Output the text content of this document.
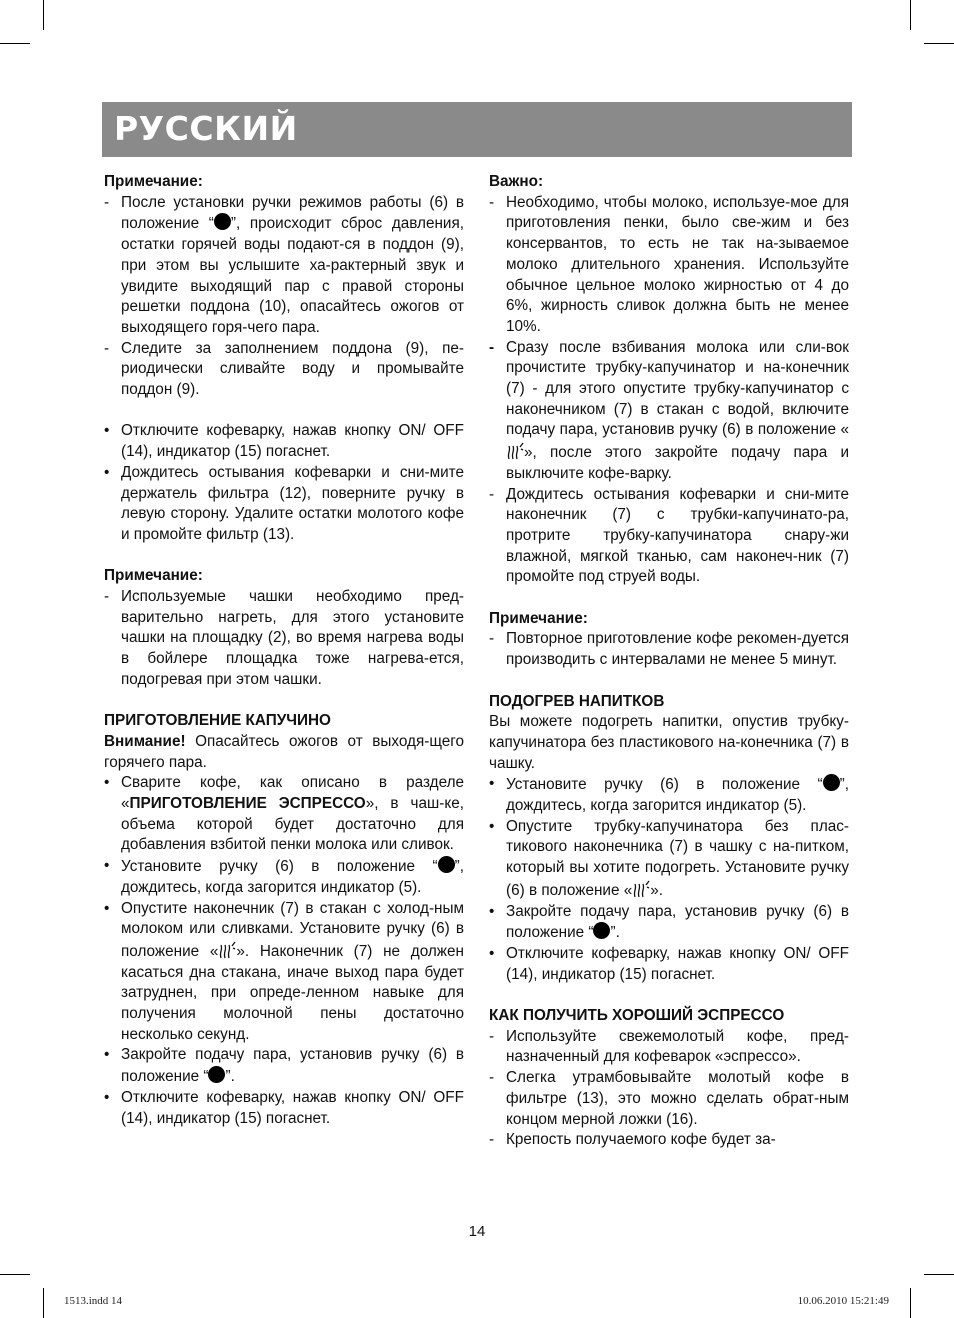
РУССКИЙ

Примечание:

- После установки ручки режимов работы (6) в положение “ ”, происходит сброс давления, остатки горячей воды подают-ся в поддон (9), при этом вы услышите ха-рактерный звук и увидите выходящий пар с правой стороны решетки поддона (10), опасайтесь ожогов от выходящего горя-чего пара.

- Следите за заполнением поддона (9), пе-риодически сливайте воду и промывайте поддон (9).

• Отключите кофеварку, нажав кнопку ON/ OFF (14), индикатор (15) погаснет.

• Дождитесь остывания кофеварки и сни-мите держатель фильтра (12), поверните ручку в левую сторону. Удалите остатки молотого кофе и промойте фильтр (13).

Примечание:

- Используемые чашки необходимо пред-варительно нагреть, для этого установите чашки на площадку (2), во время нагрева воды в бойлере площадка тоже нагрева-ется, подогревая при этом чашки.

ПРИГОТОВЛЕНИЕ КАПУЧИНО

Внимание! Опасайтесь ожогов от выходя-щего горячего пара.

• Сварите кофе, как описано в разделе «ПРИГОТОВЛЕНИЕ ЭСПРЕССО», в чаш-ке, объема которой будет достаточно для добавления взбитой пенки молока или сливок.

• Установите ручку (6) в положение “ ”, дождитесь, когда загорится индикатор (5).

• Опустите наконечник (7) в стакан с холод-ным молоком или сливками. Установите ручку (6) в положение « ». Наконечник (7) не должен касаться дна стакана, иначе выход пара будет затруднен, при опреде-ленном навыке для получения молочной пены достаточно несколько секунд.

• Закройте подачу пара, установив ручку (6) в положение “ ”.

• Отключите кофеварку, нажав кнопку ON/ OFF (14), индикатор (15) погаснет.

Важно:

- Необходимо, чтобы молоко, используе-мое для приготовления пенки, было све-жим и без консервантов, то есть не так на-зываемое молоко длительного хранения. Используйте обычное цельное молоко жирностью от 4 до 6%, жирность сливок должна быть не менее 10%.

- Сразу после взбивания молока или сли-вок прочистите трубку-капучинатор и на-конечник (7) - для этого опустите трубку-капучинатор с наконечником (7) в стакан с водой, включите подачу пара, установив ручку (6) в положение «», после этого закройте подачу пара и выключите кофе-варку.

- Дождитесь остывания кофеварки и сни-мите наконечник (7) с трубки-капучинато-ра, протрите трубку-капучинатора снару-жи влажной, мягкой тканью, сам наконеч-ник (7) промойте под струей воды.

Примечание:

- Повторное приготовление кофе рекомен-дуется производить с интервалами не менее 5 минут.

ПОДОГРЕВ НАПИТКОВ

Вы можете подогреть напитки, опустив трубку-капучинатора без пластикового на-конечника (7) в чашку.

• Установите ручку (6) в положение “ ”, дождитесь, когда загорится индикатор (5).

• Опустите трубку-капучинатора без плас-тикового наконечника (7) в чашку с на-питком, который вы хотите подогреть. Установите ручку (6) в положение « ».

• Закройте подачу пара, установив ручку (6) в положение “ ”.

• Отключите кофеварку, нажав кнопку ON/ OFF (14), индикатор (15) погаснет.

КАК ПОЛУЧИТЬ ХОРОШИЙ ЭСПРЕССО

- Используйте свежемолотый кофе, пред-назначенный для кофеварок «эспрессо».

- Слегка утрамбовывайте молотый кофе в фильтре (13), это можно сделать обрат-ным концом мерной ложки (16).

- Крепость получаемого кофе будет за-

14
1513.indd 14	10.06.2010 15:21:49
